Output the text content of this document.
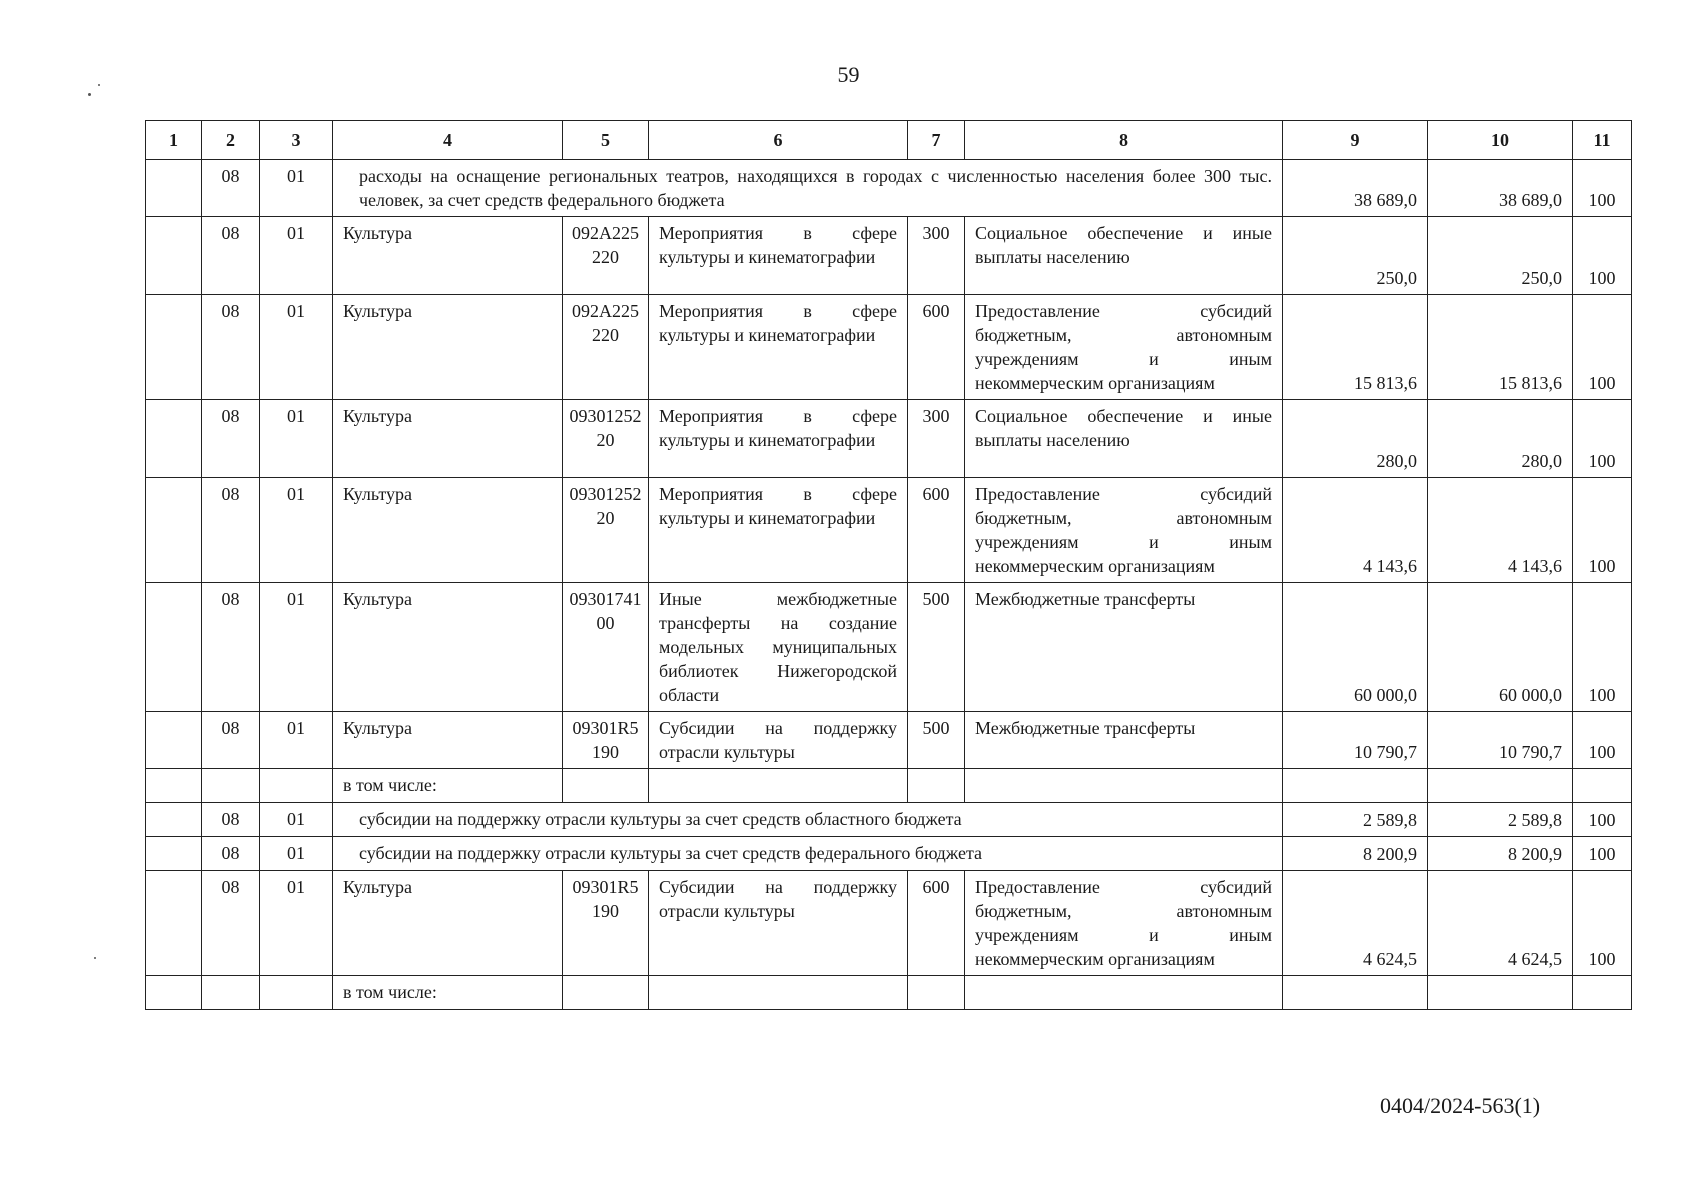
59
1	2	3	4	5	6	7	8	9	10	11
	08	01	расходы на оснащение региональных театров, находящихся в городах с численностью населения более 300 тыс. человек, за счет средств федерального бюджета					38 689,0	38 689,0	100
	08	01	Культура	092A225220	Мероприятия в сфере культуры и кинематографии	300	Социальное обеспечение и иные выплаты населению	250,0	250,0	100
	08	01	Культура	092A225220	Мероприятия в сфере культуры и кинематографии	600	Предоставление субсидий бюджетным, автономным учреждениям и иным некоммерческим организациям	15 813,6	15 813,6	100
	08	01	Культура	0930125220	Мероприятия в сфере культуры и кинематографии	300	Социальное обеспечение и иные выплаты населению	280,0	280,0	100
	08	01	Культура	0930125220	Мероприятия в сфере культуры и кинематографии	600	Предоставление субсидий бюджетным, автономным учреждениям и иным некоммерческим организациям	4 143,6	4 143,6	100
	08	01	Культура	0930174100	Иные межбюджетные трансферты на создание модельных муниципальных библиотек Нижегородской области	500	Межбюджетные трансферты	60 000,0	60 000,0	100
	08	01	Культура	09301R5190	Субсидии на поддержку отрасли культуры	500	Межбюджетные трансферты	10 790,7	10 790,7	100
			в том числе:							
	08	01	субсидии на поддержку отрасли культуры за счет средств областного бюджета					2 589,8	2 589,8	100
	08	01	субсидии на поддержку отрасли культуры за счет средств федерального бюджета					8 200,9	8 200,9	100
	08	01	Культура	09301R5190	Субсидии на поддержку отрасли культуры	600	Предоставление субсидий бюджетным, автономным учреждениям и иным некоммерческим организациям	4 624,5	4 624,5	100
			в том числе:							
0404/2024-563(1)
